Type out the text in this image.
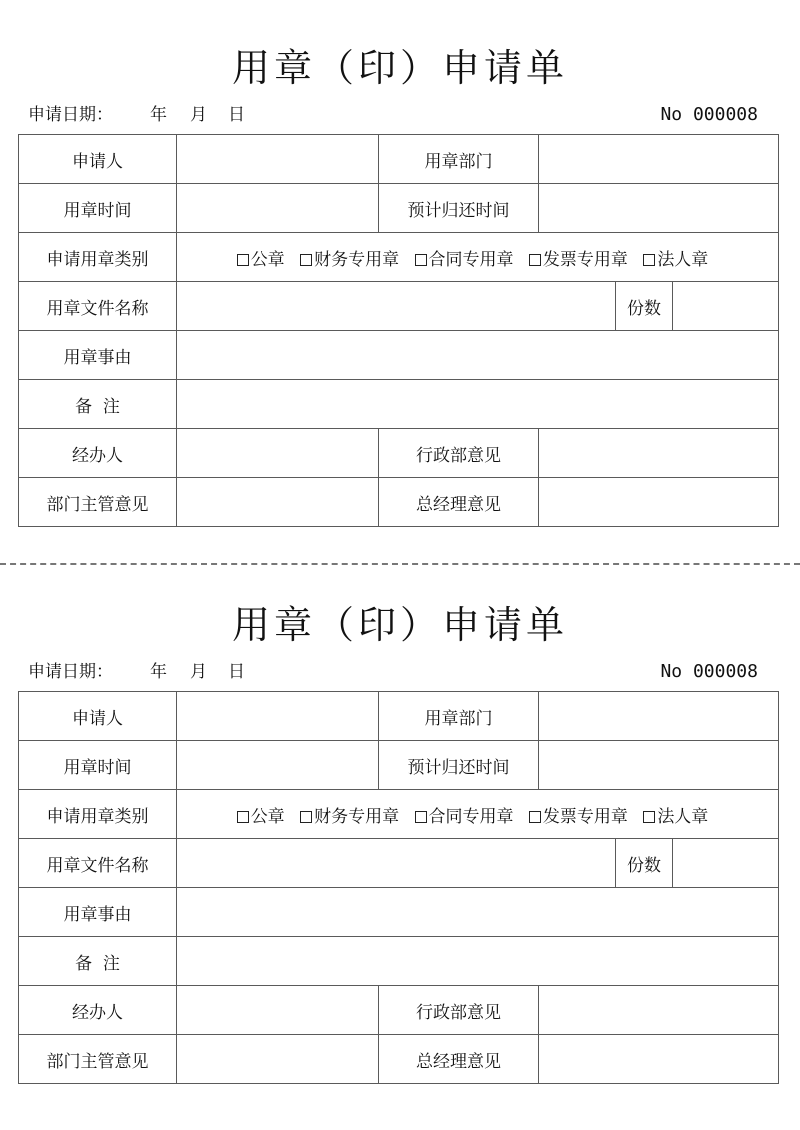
用章（印）申请单
申请日期： 年 月 日	No 000008
申请人		用章部门			
用章时间		预计归还时间			
申请用章类别	公章 财务专用章 合同专用章 发票专用章 法人章				
用章文件名称				份数	
用章事由					
备  注					
经办人		行政部意见			
部门主管意见		总经理意见			
用章（印）申请单
申请日期： 年 月 日	No 000008
申请人		用章部门			
用章时间		预计归还时间			
申请用章类别	公章 财务专用章 合同专用章 发票专用章 法人章				
用章文件名称				份数	
用章事由					
备  注					
经办人		行政部意见			
部门主管意见		总经理意见			
